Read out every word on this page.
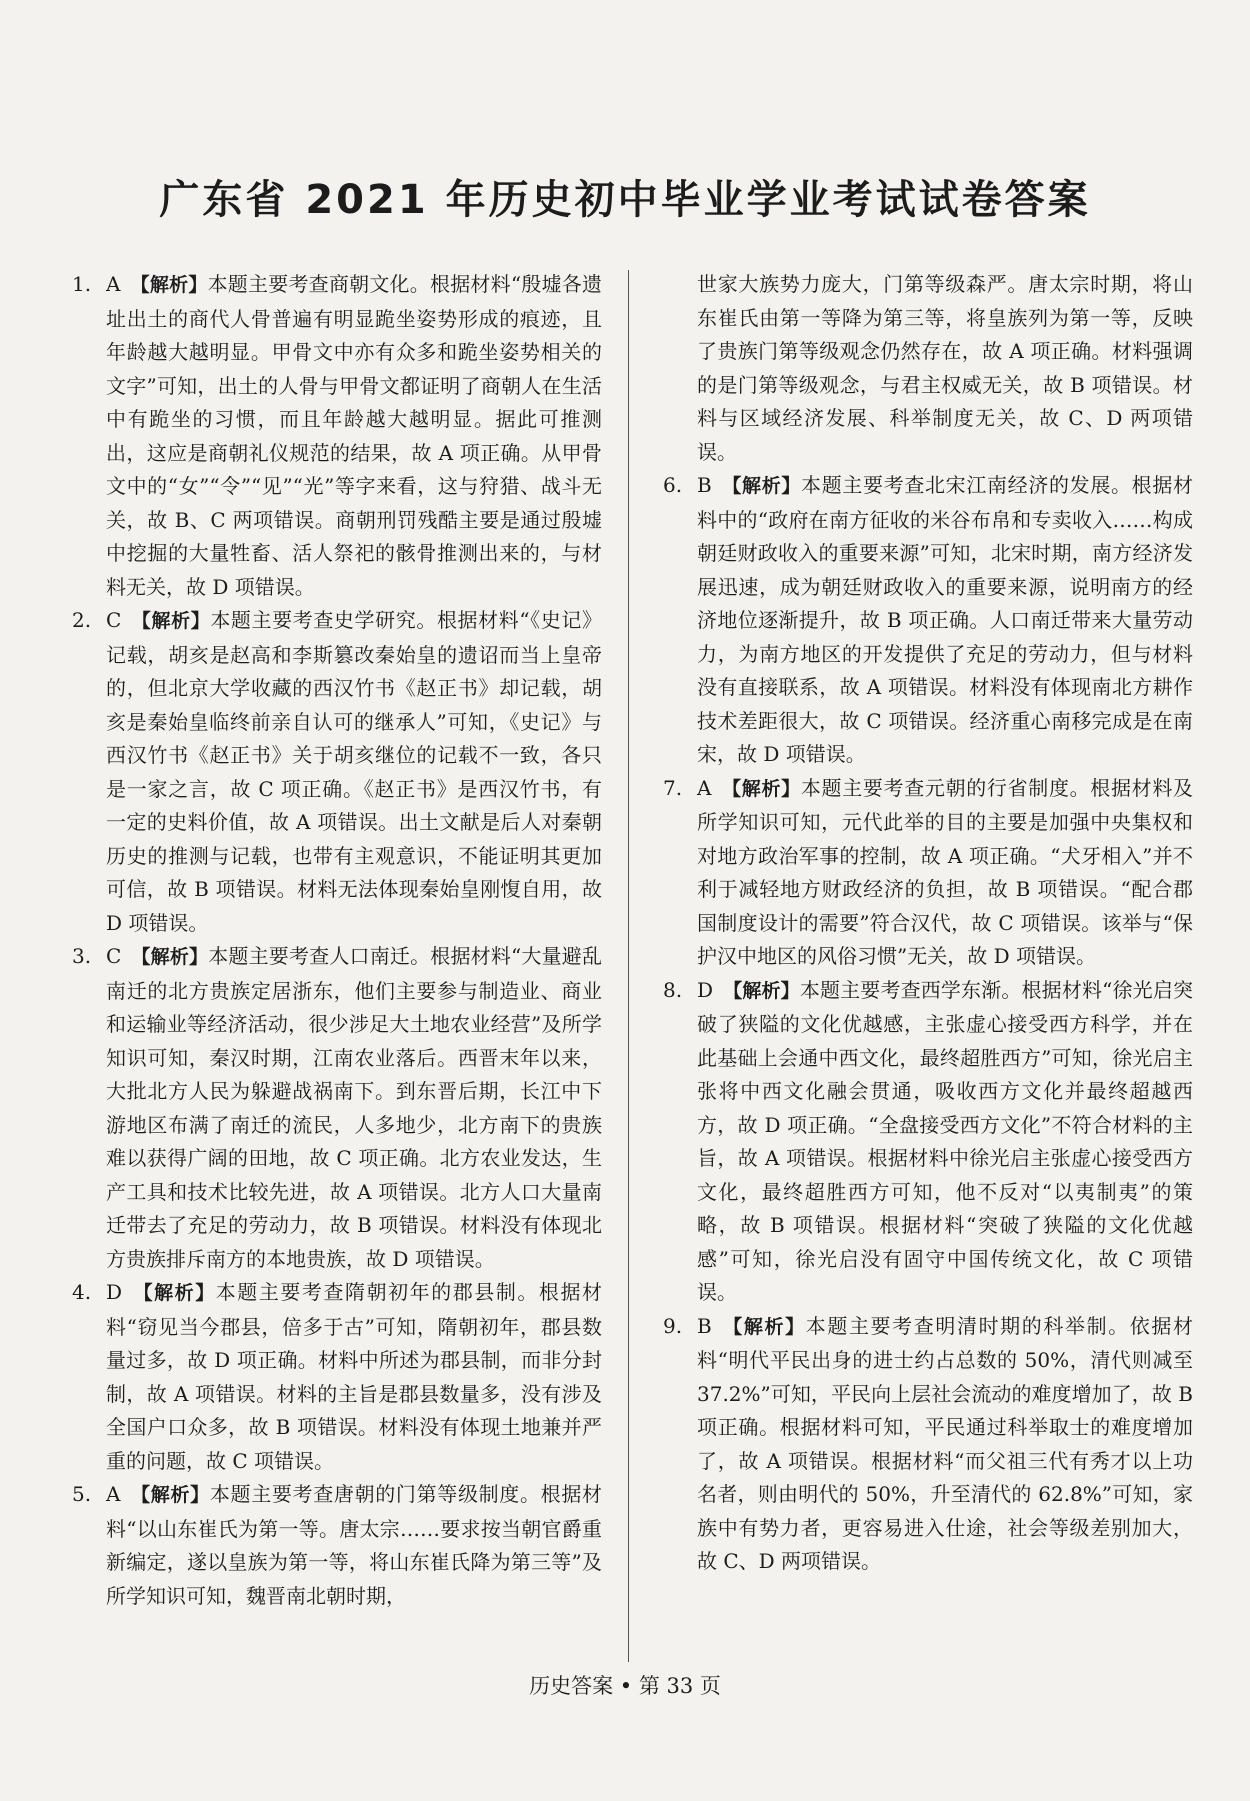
广东省 2021 年历史初中毕业学业考试试卷答案

1. A 【解析】本题主要考查商朝文化。根据材料“殷墟各遗址出土的商代人骨普遍有明显跪坐姿势形成的痕迹，且年龄越大越明显。甲骨文中亦有众多和跪坐姿势相关的文字”可知，出土的人骨与甲骨文都证明了商朝人在生活中有跪坐的习惯，而且年龄越大越明显。据此可推测出，这应是商朝礼仪规范的结果，故 A 项正确。从甲骨文中的“女”“令”“见”“光”等字来看，这与狩猎、战斗无关，故 B、C 两项错误。商朝刑罚残酷主要是通过殷墟中挖掘的大量牲畜、活人祭祀的骸骨推测出来的，与材料无关，故 D 项错误。

2. C 【解析】本题主要考查史学研究。根据材料“《史记》记载，胡亥是赵高和李斯篡改秦始皇的遗诏而当上皇帝的，但北京大学收藏的西汉竹书《赵正书》却记载，胡亥是秦始皇临终前亲自认可的继承人”可知，《史记》与西汉竹书《赵正书》关于胡亥继位的记载不一致，各只是一家之言，故 C 项正确。《赵正书》是西汉竹书，有一定的史料价值，故 A 项错误。出土文献是后人对秦朝历史的推测与记载，也带有主观意识，不能证明其更加可信，故 B 项错误。材料无法体现秦始皇刚愎自用，故 D 项错误。

3. C 【解析】本题主要考查人口南迁。根据材料“大量避乱南迁的北方贵族定居浙东，他们主要参与制造业、商业和运输业等经济活动，很少涉足大土地农业经营”及所学知识可知，秦汉时期，江南农业落后。西晋末年以来，大批北方人民为躲避战祸南下。到东晋后期，长江中下游地区布满了南迁的流民，人多地少，北方南下的贵族难以获得广阔的田地，故 C 项正确。北方农业发达，生产工具和技术比较先进，故 A 项错误。北方人口大量南迁带去了充足的劳动力，故 B 项错误。材料没有体现北方贵族排斥南方的本地贵族，故 D 项错误。

4. D 【解析】本题主要考查隋朝初年的郡县制。根据材料“窃见当今郡县，倍多于古”可知，隋朝初年，郡县数量过多，故 D 项正确。材料中所述为郡县制，而非分封制，故 A 项错误。材料的主旨是郡县数量多，没有涉及全国户口众多，故 B 项错误。材料没有体现土地兼并严重的问题，故 C 项错误。

5. A 【解析】本题主要考查唐朝的门第等级制度。根据材料“以山东崔氏为第一等。唐太宗……要求按当朝官爵重新编定，遂以皇族为第一等，将山东崔氏降为第三等”及所学知识可知，魏晋南北朝时期，

世家大族势力庞大，门第等级森严。唐太宗时期，将山东崔氏由第一等降为第三等，将皇族列为第一等，反映了贵族门第等级观念仍然存在，故 A 项正确。材料强调的是门第等级观念，与君主权威无关，故 B 项错误。材料与区域经济发展、科举制度无关，故 C、D 两项错误。

6. B 【解析】本题主要考查北宋江南经济的发展。根据材料中的“政府在南方征收的米谷布帛和专卖收入……构成朝廷财政收入的重要来源”可知，北宋时期，南方经济发展迅速，成为朝廷财政收入的重要来源，说明南方的经济地位逐渐提升，故 B 项正确。人口南迁带来大量劳动力，为南方地区的开发提供了充足的劳动力，但与材料没有直接联系，故 A 项错误。材料没有体现南北方耕作技术差距很大，故 C 项错误。经济重心南移完成是在南宋，故 D 项错误。

7. A 【解析】本题主要考查元朝的行省制度。根据材料及所学知识可知，元代此举的目的主要是加强中央集权和对地方政治军事的控制，故 A 项正确。“犬牙相入”并不利于减轻地方财政经济的负担，故 B 项错误。“配合郡国制度设计的需要”符合汉代，故 C 项错误。该举与“保护汉中地区的风俗习惯”无关，故 D 项错误。

8. D 【解析】本题主要考查西学东渐。根据材料“徐光启突破了狭隘的文化优越感，主张虚心接受西方科学，并在此基础上会通中西文化，最终超胜西方”可知，徐光启主张将中西文化融会贯通，吸收西方文化并最终超越西方，故 D 项正确。“全盘接受西方文化”不符合材料的主旨，故 A 项错误。根据材料中徐光启主张虚心接受西方文化，最终超胜西方可知，他不反对“以夷制夷”的策略，故 B 项错误。根据材料“突破了狭隘的文化优越感”可知，徐光启没有固守中国传统文化，故 C 项错误。

9. B 【解析】本题主要考查明清时期的科举制。依据材料“明代平民出身的进士约占总数的 50%，清代则减至 37.2%”可知，平民向上层社会流动的难度增加了，故 B 项正确。根据材料可知，平民通过科举取士的难度增加了，故 A 项错误。根据材料“而父祖三代有秀才以上功名者，则由明代的 50%，升至清代的 62.8%”可知，家族中有势力者，更容易进入仕途，社会等级差别加大，故 C、D 两项错误。

历史答案 • 第 33 页
